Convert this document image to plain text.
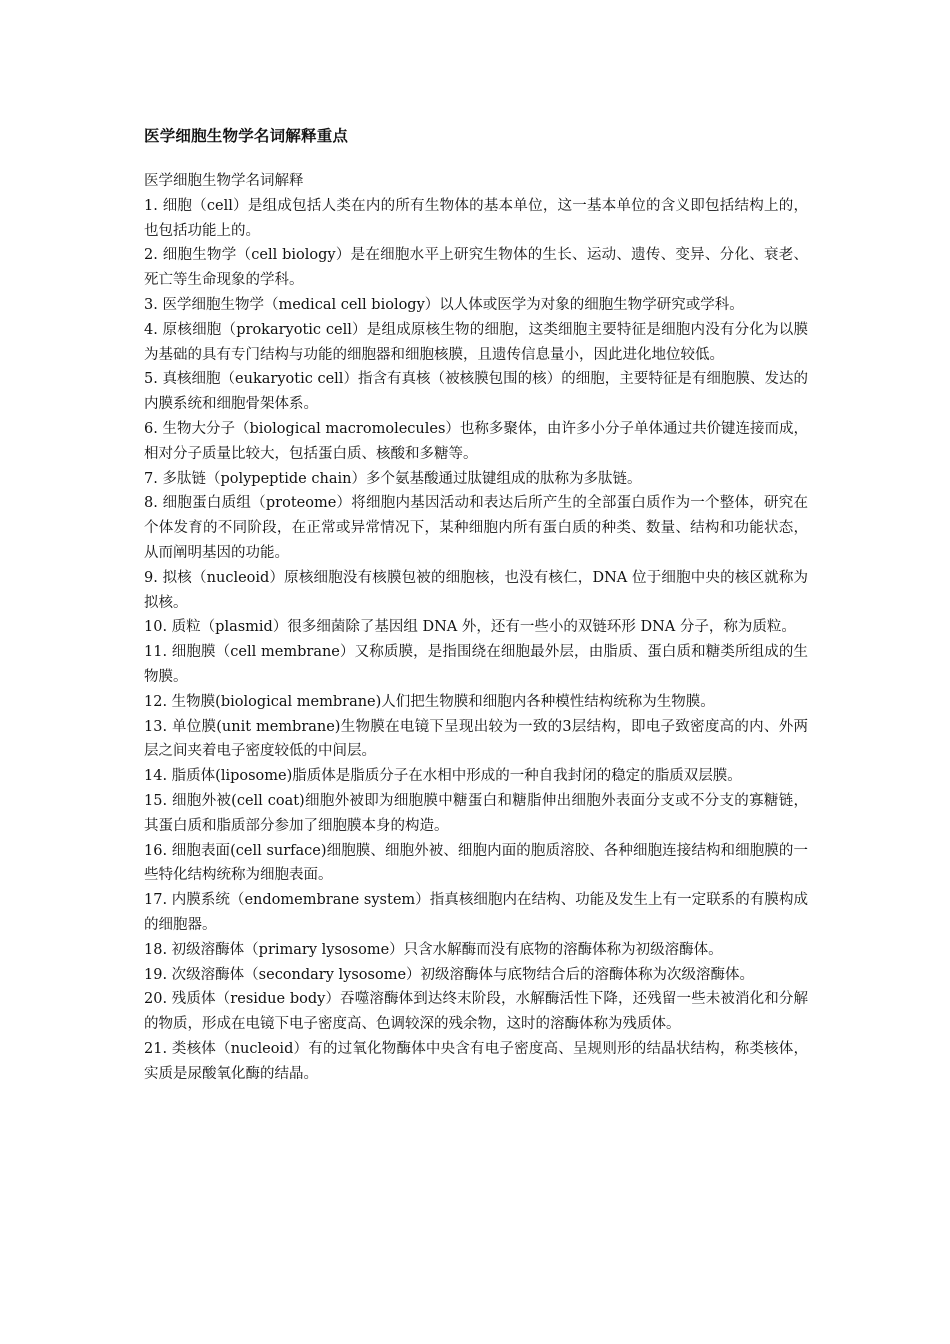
医学细胞生物学名词解释重点
医学细胞生物学名词解释

1. 细胞（cell）是组成包括人类在内的所有生物体的基本单位，这一基本单位的含义即包括结构上的，也包括功能上的。

2. 细胞生物学（cell biology）是在细胞水平上研究生物体的生长、运动、遗传、变异、分化、衰老、死亡等生命现象的学科。

3. 医学细胞生物学（medical cell biology）以人体或医学为对象的细胞生物学研究或学科。

4. 原核细胞（prokaryotic cell）是组成原核生物的细胞，这类细胞主要特征是细胞内没有分化为以膜为基础的具有专门结构与功能的细胞器和细胞核膜，且遗传信息量小，因此进化地位较低。

5. 真核细胞（eukaryotic cell）指含有真核（被核膜包围的核）的细胞，主要特征是有细胞膜、发达的内膜系统和细胞骨架体系。

6. 生物大分子（biological macromolecules）也称多聚体，由许多小分子单体通过共价键连接而成，相对分子质量比较大，包括蛋白质、核酸和多糖等。

7. 多肽链（polypeptide chain）多个氨基酸通过肽键组成的肽称为多肽链。

8. 细胞蛋白质组（proteome）将细胞内基因活动和表达后所产生的全部蛋白质作为一个整体，研究在个体发育的不同阶段，在正常或异常情况下，某种细胞内所有蛋白质的种类、数量、结构和功能状态，从而阐明基因的功能。

9. 拟核（nucleoid）原核细胞没有核膜包被的细胞核，也没有核仁，DNA 位于细胞中央的核区就称为拟核。

10. 质粒（plasmid）很多细菌除了基因组 DNA 外，还有一些小的双链环形 DNA 分子，称为质粒。

11. 细胞膜（cell membrane）又称质膜，是指围绕在细胞最外层，由脂质、蛋白质和糖类所组成的生物膜。

12. 生物膜(biological membrane)人们把生物膜和细胞内各种模性结构统称为生物膜。

13. 单位膜(unit membrane)生物膜在电镜下呈现出较为一致的3层结构，即电子致密度高的内、外两层之间夹着电子密度较低的中间层。

14. 脂质体(liposome)脂质体是脂质分子在水相中形成的一种自我封闭的稳定的脂质双层膜。

15. 细胞外被(cell coat)细胞外被即为细胞膜中糖蛋白和糖脂伸出细胞外表面分支或不分支的寡糖链，其蛋白质和脂质部分参加了细胞膜本身的构造。

16. 细胞表面(cell surface)细胞膜、细胞外被、细胞内面的胞质溶胶、各种细胞连接结构和细胞膜的一些特化结构统称为细胞表面。

17. 内膜系统（endomembrane system）指真核细胞内在结构、功能及发生上有一定联系的有膜构成的细胞器。

18. 初级溶酶体（primary lysosome）只含水解酶而没有底物的溶酶体称为初级溶酶体。

19. 次级溶酶体（secondary lysosome）初级溶酶体与底物结合后的溶酶体称为次级溶酶体。

20. 残质体（residue body）吞噬溶酶体到达终末阶段，水解酶活性下降，还残留一些未被消化和分解的物质，形成在电镜下电子密度高、色调较深的残余物，这时的溶酶体称为残质体。

21. 类核体（nucleoid）有的过氧化物酶体中央含有电子密度高、呈规则形的结晶状结构，称类核体，实质是尿酸氧化酶的结晶。
